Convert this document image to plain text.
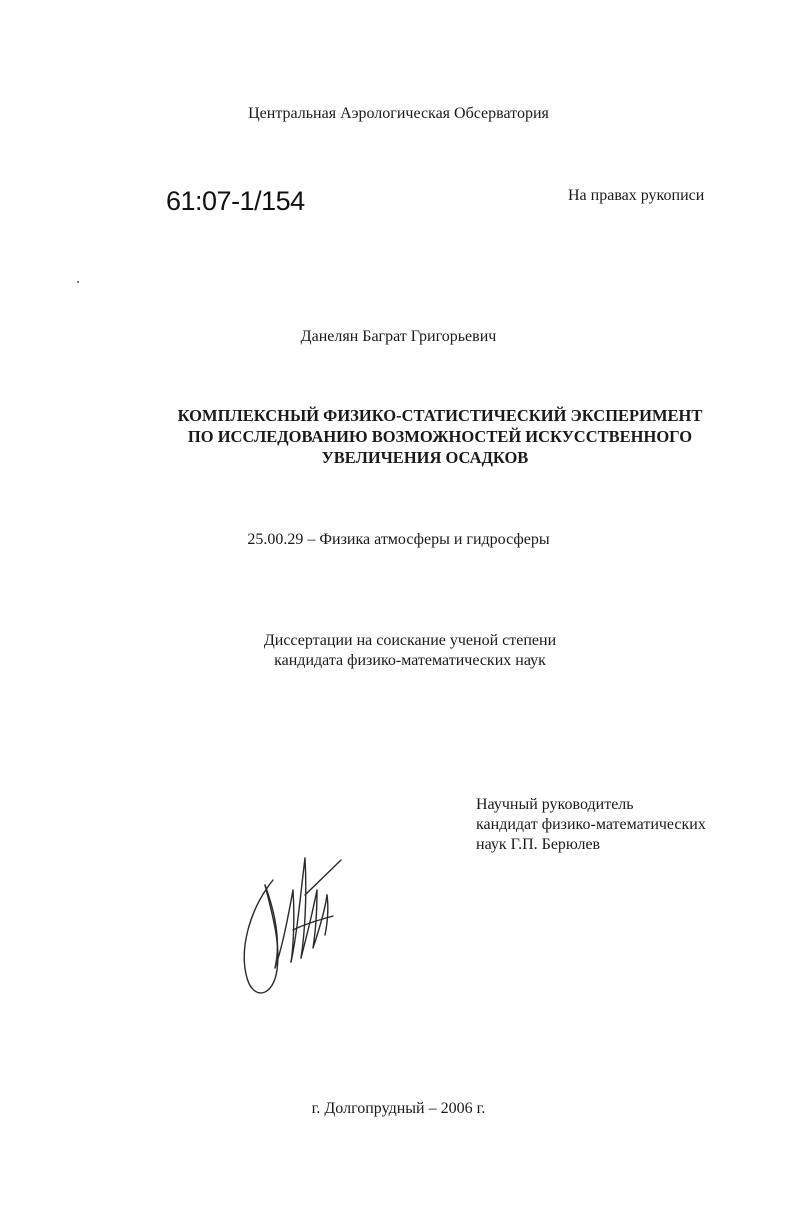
Центральная Аэрологическая Обсерватория

61:07-1/154	На правах рукописи

Данелян Баграт Григорьевич

КОМПЛЕКСНЫЙ ФИЗИКО-СТАТИСТИЧЕСКИЙ ЭКСПЕРИМЕНТ
ПО ИССЛЕДОВАНИЮ ВОЗМОЖНОСТЕЙ ИСКУССТВЕННОГО
УВЕЛИЧЕНИЯ ОСАДКОВ

25.00.29 – Физика атмосферы и гидросферы

Диссертации на соискание ученой степени
кандидата физико-математических наук
Научный руководитель
кандидат физико-математических
наук Г.П. Берюлев

г. Долгопрудный – 2006 г.
